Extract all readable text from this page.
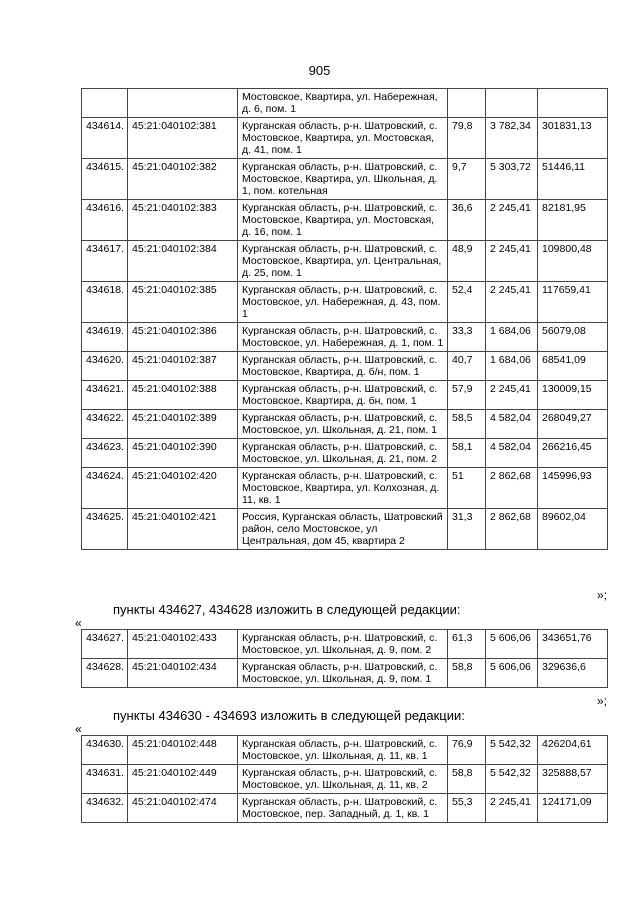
905
		Мостовское, Квартира, ул. Набережная, д. 6, пом. 1			
434614.	45:21:040102:381	Курганская область, р-н. Шатровский, с. Мостовское, Квартира, ул. Мостовская, д. 41, пом. 1	79,8	3 782,34	301831,13
434615.	45:21:040102:382	Курганская область, р-н. Шатровский, с. Мостовское, Квартира, ул. Школьная, д. 1, пом. котельная	9,7	5 303,72	51446,11
434616.	45:21:040102:383	Курганская область, р-н. Шатровский, с. Мостовское, Квартира, ул. Мостовская, д. 16, пом. 1	36,6	2 245,41	82181,95
434617.	45:21:040102:384	Курганская область, р-н. Шатровский, с. Мостовское, Квартира, ул. Центральная, д. 25, пом. 1	48,9	2 245,41	109800,48
434618.	45:21:040102:385	Курганская область, р-н. Шатровский, с. Мостовское, ул. Набережная, д. 43, пом. 1	52,4	2 245,41	117659,41
434619.	45:21:040102:386	Курганская область, р-н. Шатровский, с. Мостовское, ул. Набережная, д. 1, пом. 1	33,3	1 684,06	56079,08
434620.	45:21:040102:387	Курганская область, р-н. Шатровский, с. Мостовское, Квартира, д. б/н, пом. 1	40,7	1 684,06	68541,09
434621.	45:21:040102:388	Курганская область, р-н. Шатровский, с. Мостовское, Квартира, д. бн, пом. 1	57,9	2 245,41	130009,15
434622.	45:21:040102:389	Курганская область, р-н. Шатровский, с. Мостовское, ул. Школьная, д. 21, пом. 1	58,5	4 582,04	268049,27
434623.	45:21:040102:390	Курганская область, р-н. Шатровский, с. Мостовское, ул. Школьная, д. 21, пом. 2	58,1	4 582,04	266216,45
434624.	45:21:040102:420	Курганская область, р-н. Шатровский, с. Мостовское, Квартира, ул. Колхозная, д. 11, кв. 1	51	2 862,68	145996,93
434625.	45:21:040102:421	Россия, Курганская область, Шатровский район, село Мостовское, ул Центральная, дом 45, квартира 2	31,3	2 862,68	89602,04
»;
пункты 434627, 434628 изложить в следующей редакции:
«
434627.	45:21:040102:433	Курганская область, р-н. Шатровский, с. Мостовское, ул. Школьная, д. 9, пом. 2	61,3	5 606,06	343651,76
434628.	45:21:040102:434	Курганская область, р-н. Шатровский, с. Мостовское, ул. Школьная, д. 9, пом. 1	58,8	5 606,06	329636,6
»;
пункты 434630 - 434693 изложить в следующей редакции:
«
434630.	45:21:040102:448	Курганская область, р-н. Шатровский, с. Мостовское, ул. Школьная, д. 11, кв. 1	76,9	5 542,32	426204,61
434631.	45:21:040102:449	Курганская область, р-н. Шатровский, с. Мостовское, ул. Школьная, д. 11, кв. 2	58,8	5 542,32	325888,57
434632.	45:21:040102:474	Курганская область, р-н. Шатровский, с. Мостовское, пер. Западный, д. 1, кв. 1	55,3	2 245,41	124171,09
